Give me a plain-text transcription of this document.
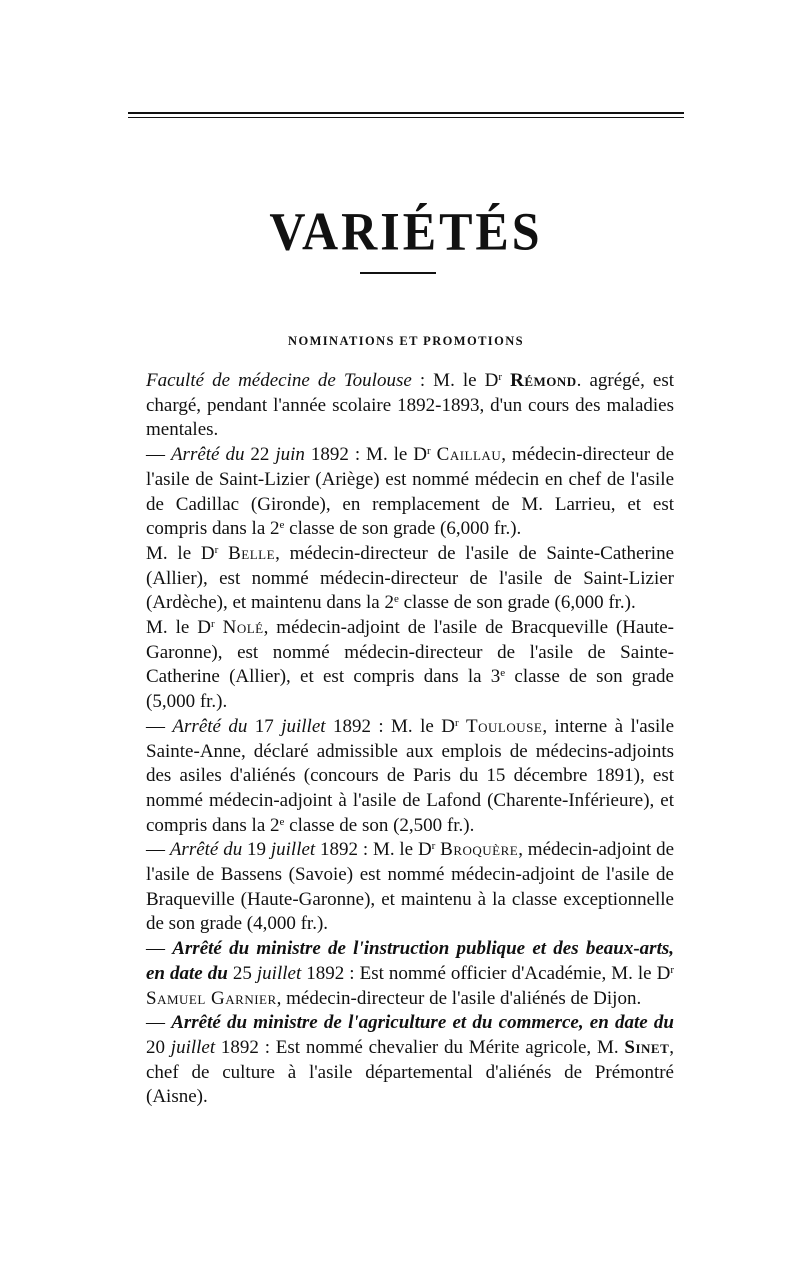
VARIÉTÉS
NOMINATIONS ET PROMOTIONS

Faculté de médecine de Toulouse : M. le $D^r$ Rémond. agrégé, est chargé, pendant l'année scolaire 1892-1893, d'un cours des maladies mentales.

— Arrêté du 22 juin 1892 : M. le $D^r$ Caillau, médecin-directeur de l'asile de Saint-Lizier (Ariège) est nommé médecin en chef de l'asile de Cadillac (Gironde), en remplacement de M. Larrieu, et est compris dans la 2e classe de son grade (6,000 fr.).

M. le $D^r$ Belle, médecin-directeur de l'asile de Sainte-Catherine (Allier), est nommé médecin-directeur de l'asile de Saint-Lizier (Ardèche), et maintenu dans la 2e classe de son grade (6,000 fr.).

M. le $D^r$ Nolé, médecin-adjoint de l'asile de Bracqueville (Haute-Garonne), est nommé médecin-directeur de l'asile de Sainte-Catherine (Allier), et est compris dans la 3e classe de son grade (5,000 fr.).

— Arrêté du 17 juillet 1892 : M. le $D^r$ Toulouse, interne à l'asile Sainte-Anne, déclaré admissible aux emplois de médecins-adjoints des asiles d'aliénés (concours de Paris du 15 décembre 1891), est nommé médecin-adjoint à l'asile de Lafond (Charente-Inférieure), et compris dans la 2e classe de son (2,500 fr.).

— Arrêté du 19 juillet 1892 : M. le $D^r$ Broquère, médecin-adjoint de l'asile de Bassens (Savoie) est nommé médecin-adjoint de l'asile de Braqueville (Haute-Garonne), et maintenu à la classe exceptionnelle de son grade (4,000 fr.).

— Arrêté du ministre de l'instruction publique et des beaux-arts, en date du 25 juillet 1892 : Est nommé officier d'Académie, M. le $D^r$ Samuel Garnier, médecin-directeur de l'asile d'aliénés de Dijon.

— Arrêté du ministre de l'agriculture et du commerce, en date du 20 juillet 1892 : Est nommé chevalier du Mérite agricole, M. Sinet, chef de culture à l'asile départemental d'aliénés de Prémontré (Aisne).
